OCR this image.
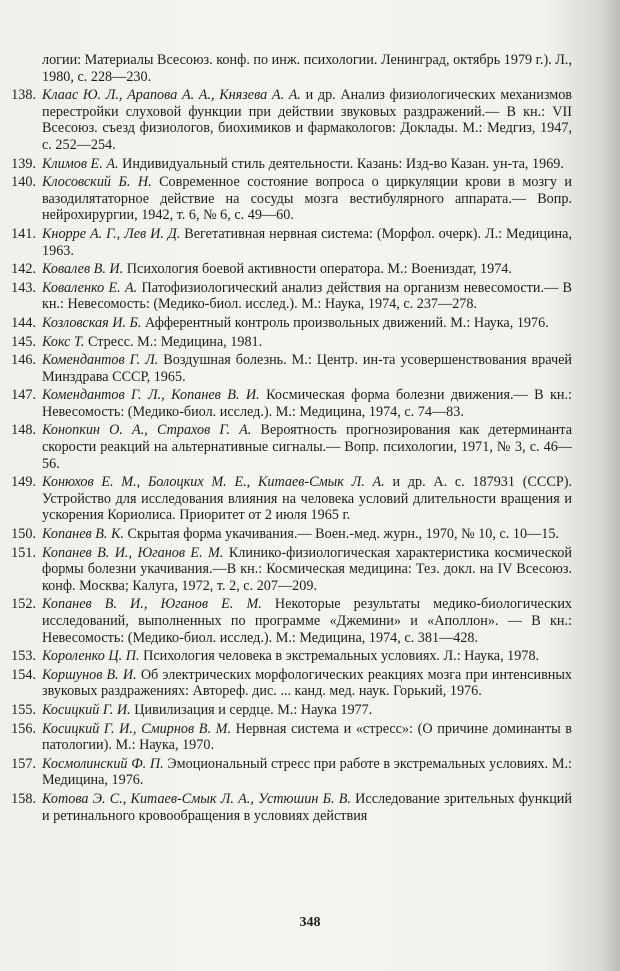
логии: Материалы Всесоюз. конф. по инж. психологии. Ленинград, октябрь 1979 г.). Л., 1980, с. 228—230.
138. Клаас Ю. Л., Арапова А. А., Князева А. А. и др. Анализ физиологических механизмов перестройки слуховой функции при действии звуковых раздражений.— В кн.: VII Всесоюз. съезд физиологов, биохимиков и фармакологов: Доклады. М.: Медгиз, 1947, с. 252—254.
139. Климов Е. А. Индивидуальный стиль деятельности. Казань: Изд-во Казан. ун-та, 1969.
140. Клосовский Б. Н. Современное состояние вопроса о циркуляции крови в мозгу и вазодилятаторное действие на сосуды мозга вестибулярного аппарата.— Вопр. нейрохирургии, 1942, т. 6, № 6, с. 49—60.
141. Кнорре А. Г., Лев И. Д. Вегетативная нервная система: (Морфол. очерк). Л.: Медицина, 1963.
142. Ковалев В. И. Психология боевой активности оператора. М.: Воениздат, 1974.
143. Коваленко Е. А. Патофизиологический анализ действия на организм невесомости.— В кн.: Невесомость: (Медико-биол. исслед.). М.: Наука, 1974, с. 237—278.
144. Козловская И. Б. Афферентный контроль произвольных движений. М.: Наука, 1976.
145. Кокс Т. Стресс. М.: Медицина, 1981.
146. Комендантов Г. Л. Воздушная болезнь. М.: Центр. ин-та усовершенствования врачей Минздрава СССР, 1965.
147. Комендантов Г. Л., Копанев В. И. Космическая форма болезни движения.— В кн.: Невесомость: (Медико-биол. исслед.). М.: Медицина, 1974, с. 74—83.
148. Конопкин О. А., Страхов Г. А. Вероятность прогнозирования как детерминанта скорости реакций на альтернативные сигналы.— Вопр. психологии, 1971, № 3, с. 46—56.
149. Конюхов Е. М., Болоцких М. Е., Китаев-Смык Л. А. и др. А. с. 187931 (СССР). Устройство для исследования влияния на человека условий длительности вращения и ускорения Кориолиса. Приоритет от 2 июля 1965 г.
150. Копанев В. К. Скрытая форма укачивания.— Воен.-мед. журн., 1970, № 10, с. 10—15.
151. Копанев В. И., Юганов Е. М. Клинико-физиологическая характеристика космической формы болезни укачивания.—В кн.: Космическая медицина: Тез. докл. на IV Всесоюз. конф. Москва; Калуга, 1972, т. 2, с. 207—209.
152. Копанев В. И., Юганов Е. М. Некоторые результаты медико-биологических исследований, выполненных по программе «Джемини» и «Аполлон». — В кн.: Невесомость: (Медико-биол. исслед.). М.: Медицина, 1974, с. 381—428.
153. Короленко Ц. П. Психология человека в экстремальных условиях. Л.: Наука, 1978.
154. Коршунов В. И. Об электрических морфологических реакциях мозга при интенсивных звуковых раздражениях: Автореф. дис. ... канд. мед. наук. Горький, 1976.
155. Косицкий Г. И. Цивилизация и сердце. М.: Наука 1977.
156. Косицкий Г. И., Смирнов В. М. Нервная система и «стресс»: (О причине доминанты в патологии). М.: Наука, 1970.
157. Космолинский Ф. П. Эмоциональный стресс при работе в экстремальных условиях. М.: Медицина, 1976.
158. Котова Э. С., Китаев-Смык Л. А., Устюшин Б. В. Исследование зрительных функций и ретинального кровообращения в условиях действия
348
